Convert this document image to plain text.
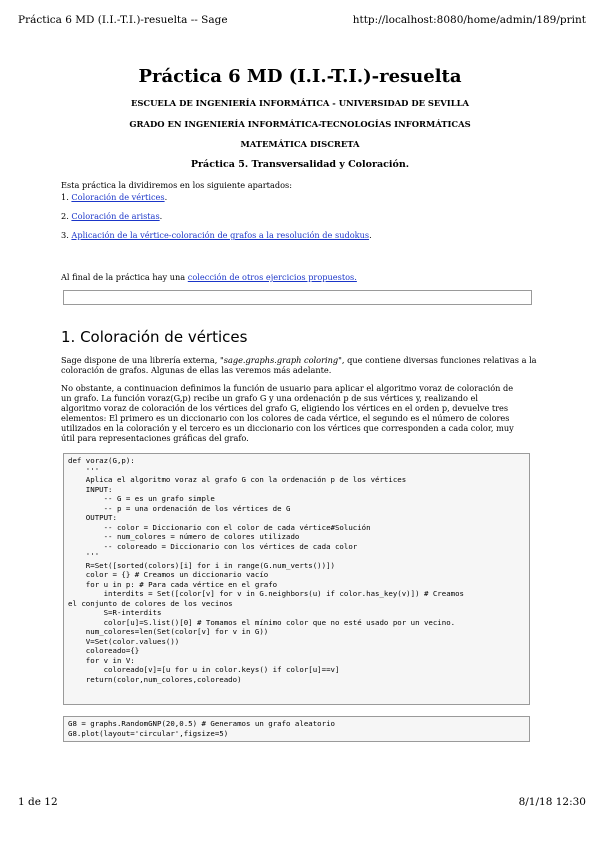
Práctica 6 MD (I.I.-T.I.)-resuelta -- Sage	http://localhost:8080/home/admin/189/print
Práctica 6 MD (I.I.-T.I.)-resuelta
ESCUELA DE INGENIERÍA INFORMÁTICA - UNIVERSIDAD DE SEVILLA
GRADO EN INGENIERÍA INFORMÁTICA-TECNOLOGÍAS INFORMÁTICAS
MATEMÁTICA DISCRETA
Práctica 5. Transversalidad y Coloración.
Esta práctica la dividiremos en los siguiente apartados:
1. Coloración de vértices.
2. Coloración de aristas.
3. Aplicación de la vértice-coloración de grafos a la resolución de sudokus.
Al final de la práctica hay una colección de otros ejercicios propuestos.
1. Coloración de vértices
Sage dispone de una librería externa, "sage.graphs.graph coloring", que contiene diversas funciones relativas a la coloración de grafos. Algunas de ellas las veremos más adelante.
No obstante, a continuacion definimos la función de usuario para aplicar el algoritmo voraz de coloración de
un grafo. La función voraz(G,p) recibe un grafo G y una ordenación p de sus vértices y, realizando el
algoritmo voraz de coloración de los vértices del grafo G, eligiendo los vértices en el orden p, devuelve tres
elementos: El primero es un diccionario con los colores de cada vértice, el segundo es el número de colores
utilizados en la coloración y el tercero es un diccionario con los vértices que corresponden a cada color, muy
útil para representaciones gráficas del grafo.
def voraz(G,p):
'''
Aplica el algoritmo voraz al grafo G con la ordenación p de los vértices
INPUT:
-- G = es un grafo simple
-- p = una ordenación de los vértices de G
OUTPUT:
-- color = Diccionario con el color de cada vértice#Solución
-- num_colores = número de colores utilizado
-- coloreado = Diccionario con los vértices de cada color
'''
R=Set([sorted(colors)[i] for i in range(G.num_verts())])
color = {} # Creamos un diccionario vacío
for u in p: # Para cada vértice en el grafo
interdits = Set([color[v] for v in G.neighbors(u) if color.has_key(v)]) # Creamos
el conjunto de colores de los vecinos
S=R-interdits
color[u]=S.list()[0] # Tomamos el mínimo color que no esté usado por un vecino.
num_colores=len(Set(color[v] for v in G))
V=Set(color.values())
coloreado={}
for v in V:
coloreado[v]=[u for u in color.keys() if color[u]==v]
return(color,num_colores,coloreado)
G8 = graphs.RandomGNP(20,0.5) # Generamos un grafo aleatorio
G8.plot(layout='circular',figsize=5)
1 de 12	8/1/18 12:30
